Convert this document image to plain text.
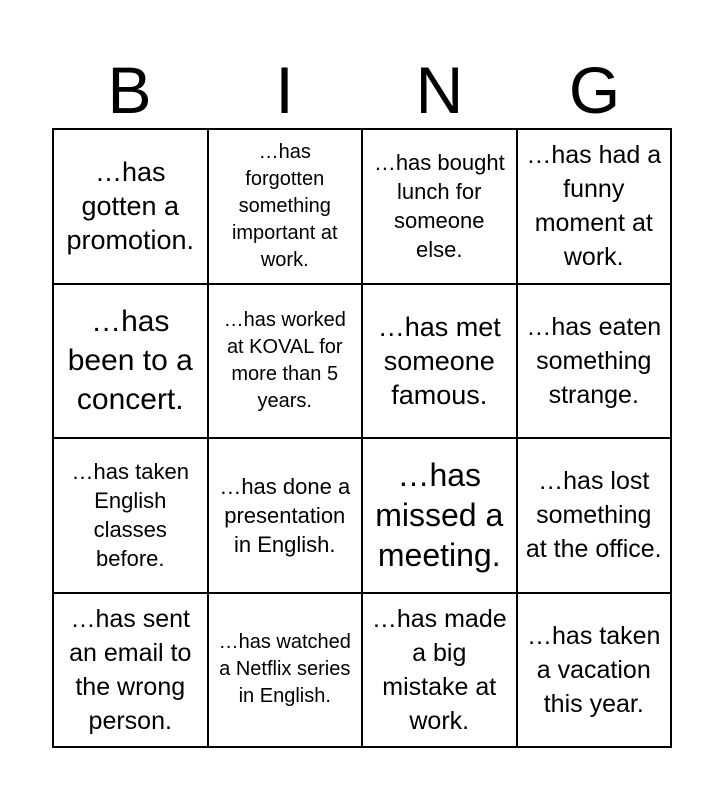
B	I	N	G
…has gotten a promotion.
…has forgotten something important at work.
…has bought lunch for someone else.
…has had a funny moment at work.
…has been to a concert.
…has worked at KOVAL for more than 5 years.
…has met someone famous.
…has eaten something strange.
…has taken English classes before.
…has done a presentation in English.
…has missed a meeting.
…has lost something at the office.
…has sent an email to the wrong person.
…has watched a Netflix series in English.
…has made a big mistake at work.
…has taken a vacation this year.
